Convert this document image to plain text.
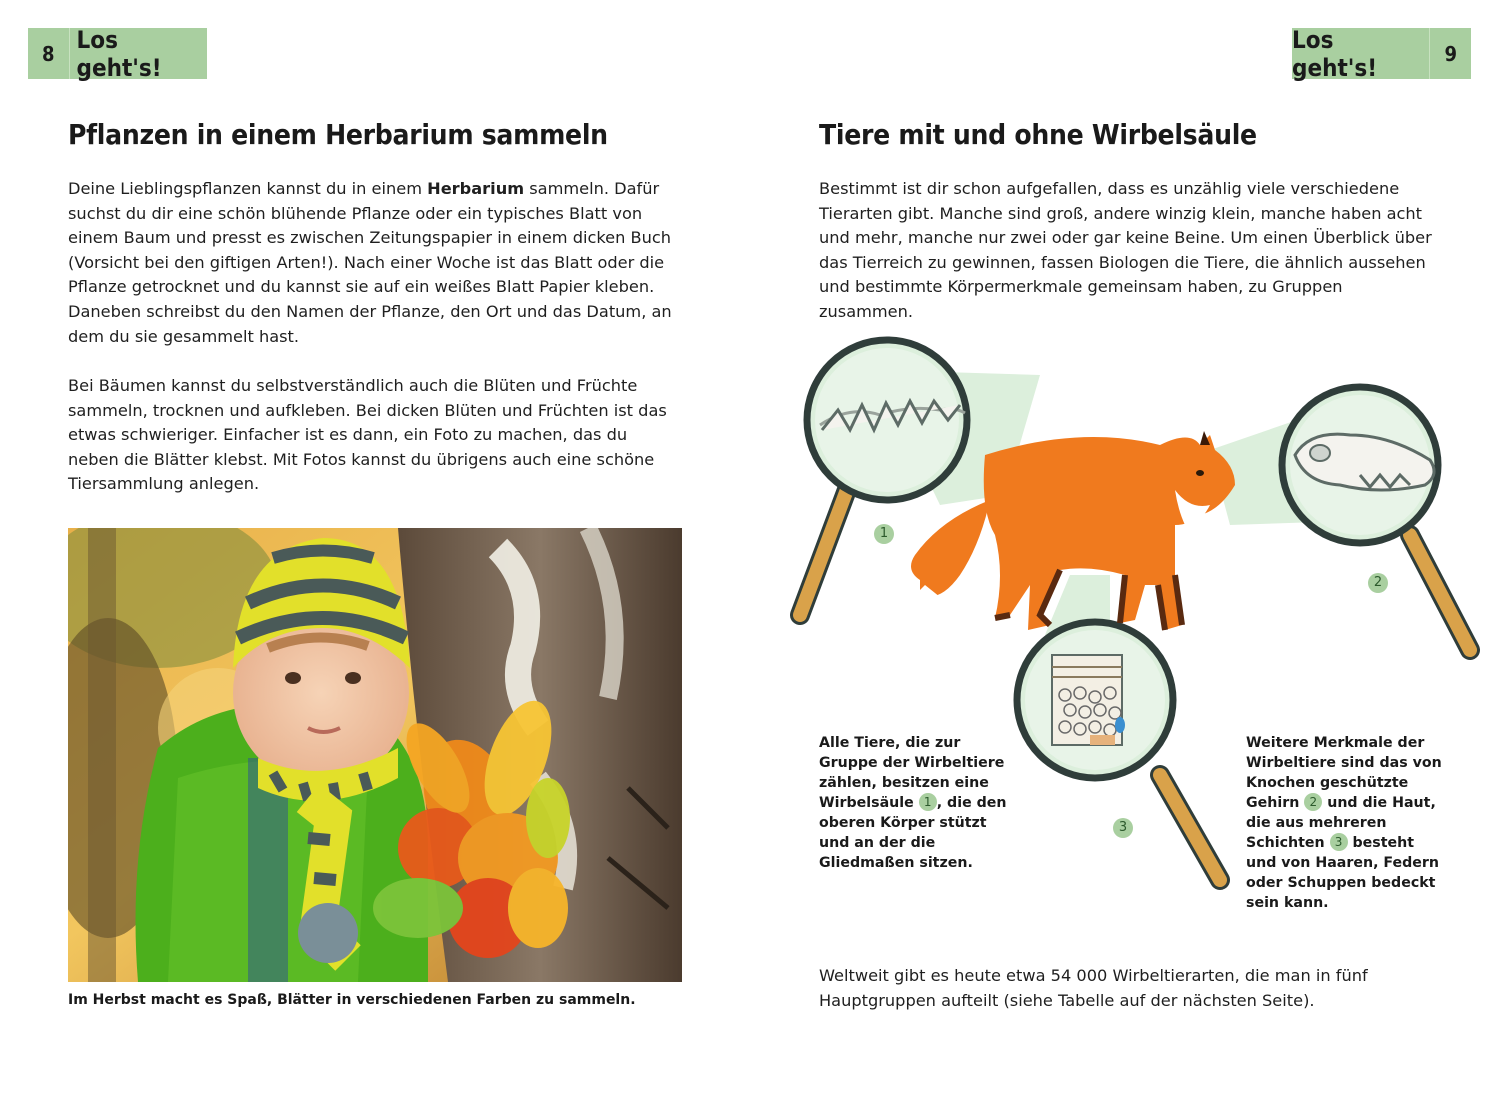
8 Los geht's!
Los geht's!	9
Pflanzen in einem Herbarium sammeln

Deine Lieblingspflanzen kannst du in einem Herbarium sammeln. Dafür suchst du dir eine schön blühende Pflanze oder ein typisches Blatt von einem Baum und presst es zwischen Zeitungspapier in einem dicken Buch (Vorsicht bei den giftigen Arten!). Nach einer Woche ist das Blatt oder die Pflanze getrocknet und du kannst sie auf ein weißes Blatt Papier kleben. Daneben schreibst du den Namen der Pflanze, den Ort und das Datum, an dem du sie gesammelt hast.

Bei Bäumen kannst du selbstverständlich auch die Blüten und Früchte sammeln, trocknen und aufkleben. Bei dicken Blüten und Früchten ist das etwas schwieriger. Einfacher ist es dann, ein Foto zu machen, das du neben die Blätter klebst. Mit Fotos kannst du übrigens auch eine schöne Tiersammlung anlegen.

Im Herbst macht es Spaß, Blätter in verschiedenen Farben zu sammeln.

Tiere mit und ohne Wirbelsäule

Bestimmt ist dir schon aufgefallen, dass es unzählig viele verschiedene Tierarten gibt. Manche sind groß, andere winzig klein, manche haben acht und mehr, manche nur zwei oder gar keine Beine. Um einen Überblick über das Tierreich zu gewinnen, fassen Biologen die Tiere, die ähnlich aussehen und bestimmte Körpermerkmale gemeinsam haben, zu Gruppen zusammen.

1
2
3

Alle Tiere, die zur Gruppe der Wirbeltiere zählen, besitzen eine Wirbelsäule 1 , die den oberen Körper stützt und an der die Gliedmaßen sitzen.

Weitere Merkmale der Wirbeltiere sind das von Knochen geschützte Gehirn 2 und die Haut, die aus mehreren Schichten 3 besteht und von Haaren, Federn oder Schuppen bedeckt sein kann.

Weltweit gibt es heute etwa 54 000 Wirbeltierarten, die man in fünf Hauptgruppen aufteilt (siehe Tabelle auf der nächsten Seite).
